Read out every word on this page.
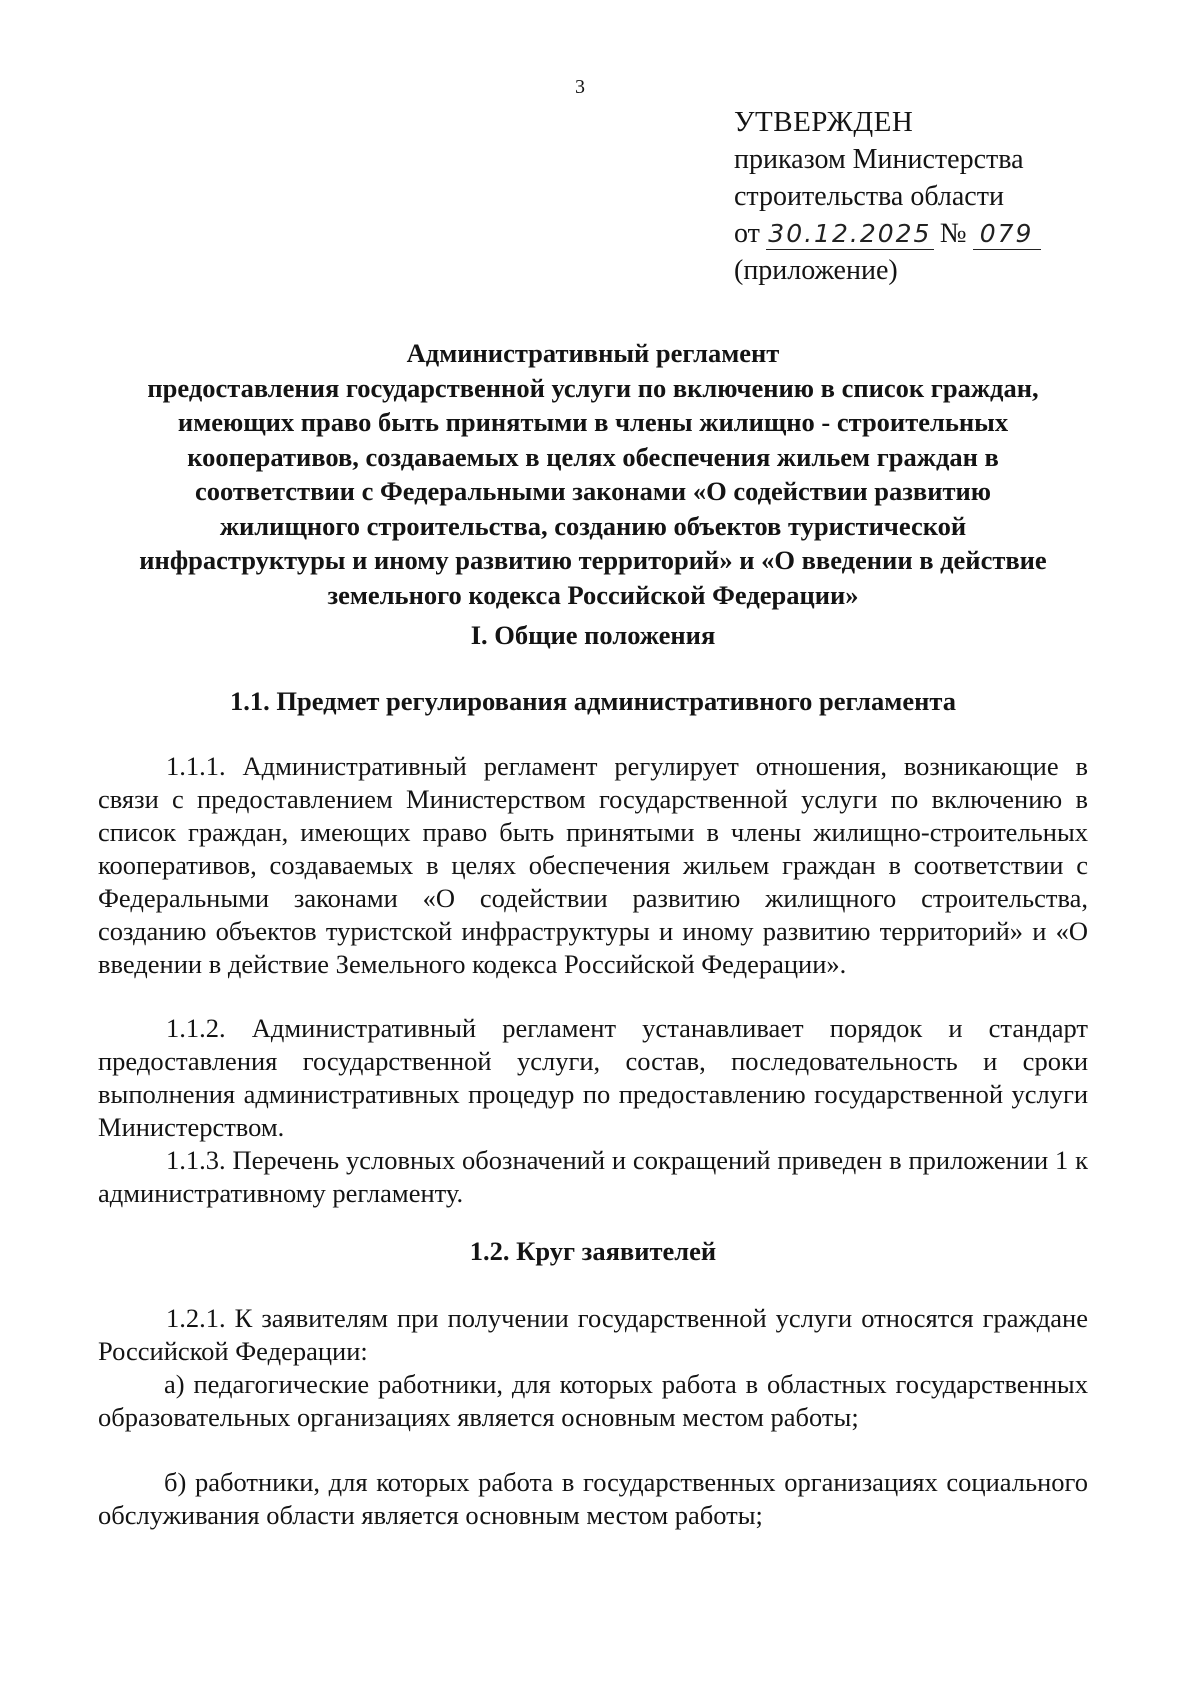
3
УТВЕРЖДЕН
приказом Министерства
строительства области
от 30.12.2025 № 079
(приложение)
Административный регламент
предоставления государственной услуги по включению в список граждан,
имеющих право быть принятыми в члены жилищно - строительных
кооперативов, создаваемых в целях обеспечения жильем граждан в
соответствии с Федеральными законами «О содействии развитию
жилищного строительства, созданию объектов туристической
инфраструктуры и иному развитию территорий» и «О введении в действие
земельного кодекса Российской Федерации»
I. Общие положения
1.1. Предмет регулирования административного регламента
1.1.1. Административный регламент регулирует отношения, возникающие в связи с предоставлением Министерством государственной услуги по включению в список граждан, имеющих право быть принятыми в члены жилищно-строительных кооперативов, создаваемых в целях обеспечения жильем граждан в соответствии с Федеральными законами «О содействии развитию жилищного строительства, созданию объектов туристской инфраструктуры и иному развитию территорий» и «О введении в действие Земельного кодекса Российской Федерации».
1.1.2. Административный регламент устанавливает порядок и стандарт предоставления государственной услуги, состав, последовательность и сроки выполнения административных процедур по предоставлению государственной услуги Министерством.
1.1.3. Перечень условных обозначений и сокращений приведен в приложении 1 к административному регламенту.
1.2. Круг заявителей
1.2.1. К заявителям при получении государственной услуги относятся граждане Российской Федерации:
а) педагогические работники, для которых работа в областных государственных образовательных организациях является основным местом работы;
б) работники, для которых работа в государственных организациях социального обслуживания области является основным местом работы;
